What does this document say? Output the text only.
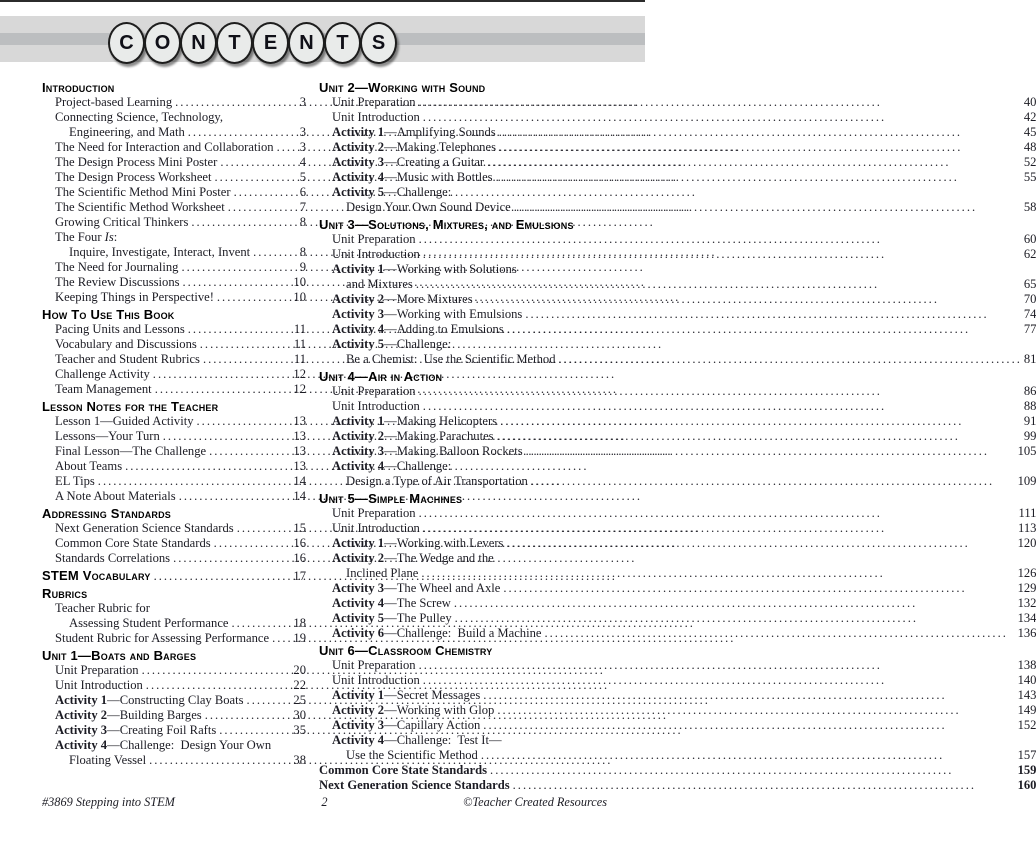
C O N T E N T S
Introduction
Project-based Learning .....	3
Connecting Science, Technology,
Engineering, and Math .....	3
The Need for Interaction and Collaboration ..... 3
The Design Process Mini Poster .....	4
The Design Process Worksheet .....	5
The Scientific Method Mini Poster .....	6
The Scientific Method Worksheet .....	7
Growing Critical Thinkers .....	8
The Four Is:
Inquire, Investigate, Interact, Invent .....	8
The Need for Journaling .....	9
The Review Discussions .....	10
Keeping Things in Perspective! .....	10
How To Use This Book
Pacing Units and Lessons .....	11
Vocabulary and Discussions .....	11
Teacher and Student Rubrics .....	11
Challenge Activity .....	12
Team Management .....	12
Lesson Notes for the Teacher
Lesson 1—Guided Activity .....	13
Lessons—Your Turn .....	13
Final Lesson—The Challenge .....	13
About Teams .....	13
EL Tips .....	14
A Note About Materials .....	14
Addressing Standards
Next Generation Science Standards .....	15
Common Core State Standards .....	16
Standards Correlations .....	16
STEM Vocabulary .....	17
Rubrics
Teacher Rubric for
Assessing Student Performance .....	18
Student Rubric for Assessing Performance ..... 19
Unit 1—Boats and Barges
Unit Preparation .....	20
Unit Introduction .....	22
Activity 1—Constructing Clay Boats .....	25
Activity 2—Building Barges .....	30
Activity 3—Creating Foil Rafts .....	35
Activity 4—Challenge:  Design Your Own
Floating Vessel .....	38
Unit 2—Working with Sound
Unit Preparation .....	40
Unit Introduction .....	42
Activity 1—Amplifying Sounds .....	45
Activity 2—Making Telephones .....	48
Activity 3—Creating a Guitar .....	52
Activity 4—Music with Bottles .....	55
Activity 5—Challenge:
Design Your Own Sound Device .....	58
Unit 3—Solutions, Mixtures, and Emulsions
Unit Preparation .....	60
Unit Introduction .....	62
Activity 1—Working with Solutions
and Mixtures .....	65
Activity 2—More Mixtures .....	70
Activity 3—Working with Emulsions .....	74
Activity 4—Adding to Emulsions .....	77
Activity 5—Challenge:
Be a Chemist:  Use the Scientific Method .....	81
Unit 4—Air in Action
Unit Preparation .....	86
Unit Introduction .....	88
Activity 1—Making Helicopters .....	91
Activity 2—Making Parachutes .....	99
Activity 3—Making Balloon Rockets .....	105
Activity 4—Challenge:
Design a Type of Air Transportation .....	109
Unit 5—Simple Machines
Unit Preparation .....	111
Unit Introduction .....	113
Activity 1—Working with Levers .....	120
Activity 2—The Wedge and the
Inclined Plane .....	126
Activity 3—The Wheel and Axle .....	129
Activity 4—The Screw .....	132
Activity 5—The Pulley .....	134
Activity 6—Challenge:  Build a Machine .....	136
Unit 6—Classroom Chemistry
Unit Preparation .....	138
Unit Introduction .....	140
Activity 1—Secret Messages .....	143
Activity 2—Working with Glop .....	149
Activity 3—Capillary Action .....	152
Activity 4—Challenge:  Test It—
Use the Scientific Method .....	157
Common Core State Standards .....	159
Next Generation Science Standards .....	160
#3869 Stepping into STEM	2	©Teacher Created Resources
